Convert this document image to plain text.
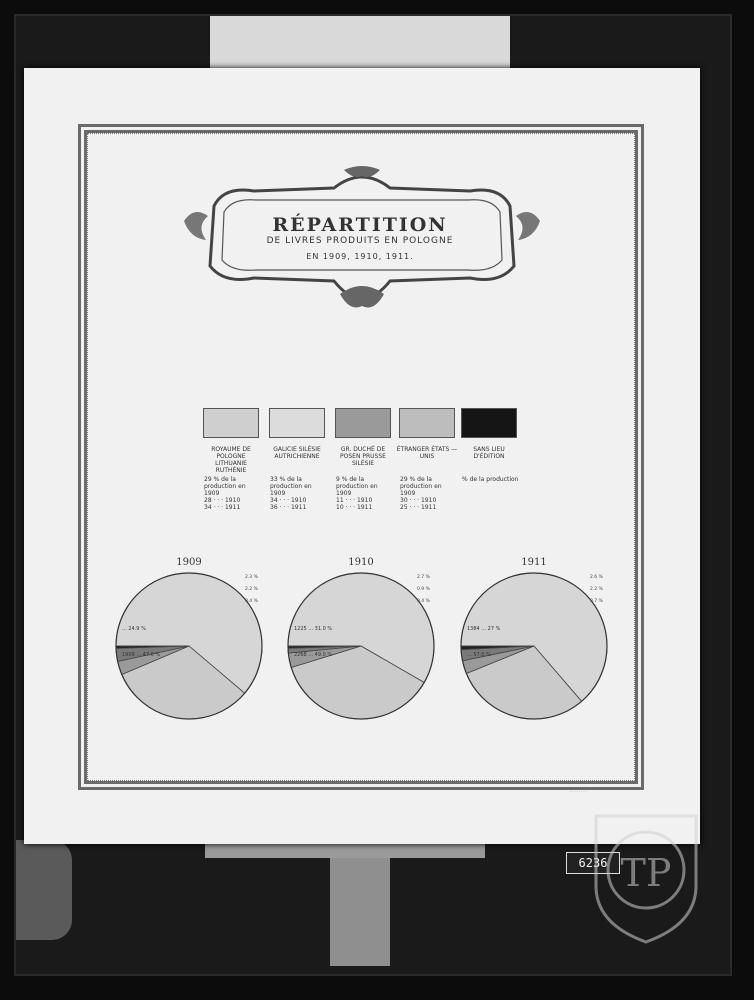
RÉPARTITION
DE LIVRES PRODUITS EN POLOGNE
EN 1909, 1910, 1911.
ROYAUME DE POLOGNE LITHUANIE RUTHÉNIE
29 % de la production en 1909
28 · · · 1910
34 · · · 1911
GALICIE SILÉSIE AUTRICHIENNE
33 % de la production en 1909
34 · · · 1910
36 · · · 1911
GR. DUCHÉ DE POSEN PRUSSE SILÉSIE
9 % de la production en 1909
11 · · · 1910
10 · · · 1911
ÉTRANGER ÉTATS — UNIS
29 % de la production en 1909
30 · · · 1910
25 · · · 1911
SANS LIEU D'ÉDITION
% de la production
1909
... 24.9 %
1909 ... 47.0 %
2.3 %
2.2 %
0.4 %
1910
1225 ... 31.0 %
2268 ... 49.0 %
2.7 %
0.9 %
0.4 %
1911
1384 ... 27 %
... 57.0 %
2.6 %
2.2 %
0.7 %
· · · · · · · ·
6236 TP
